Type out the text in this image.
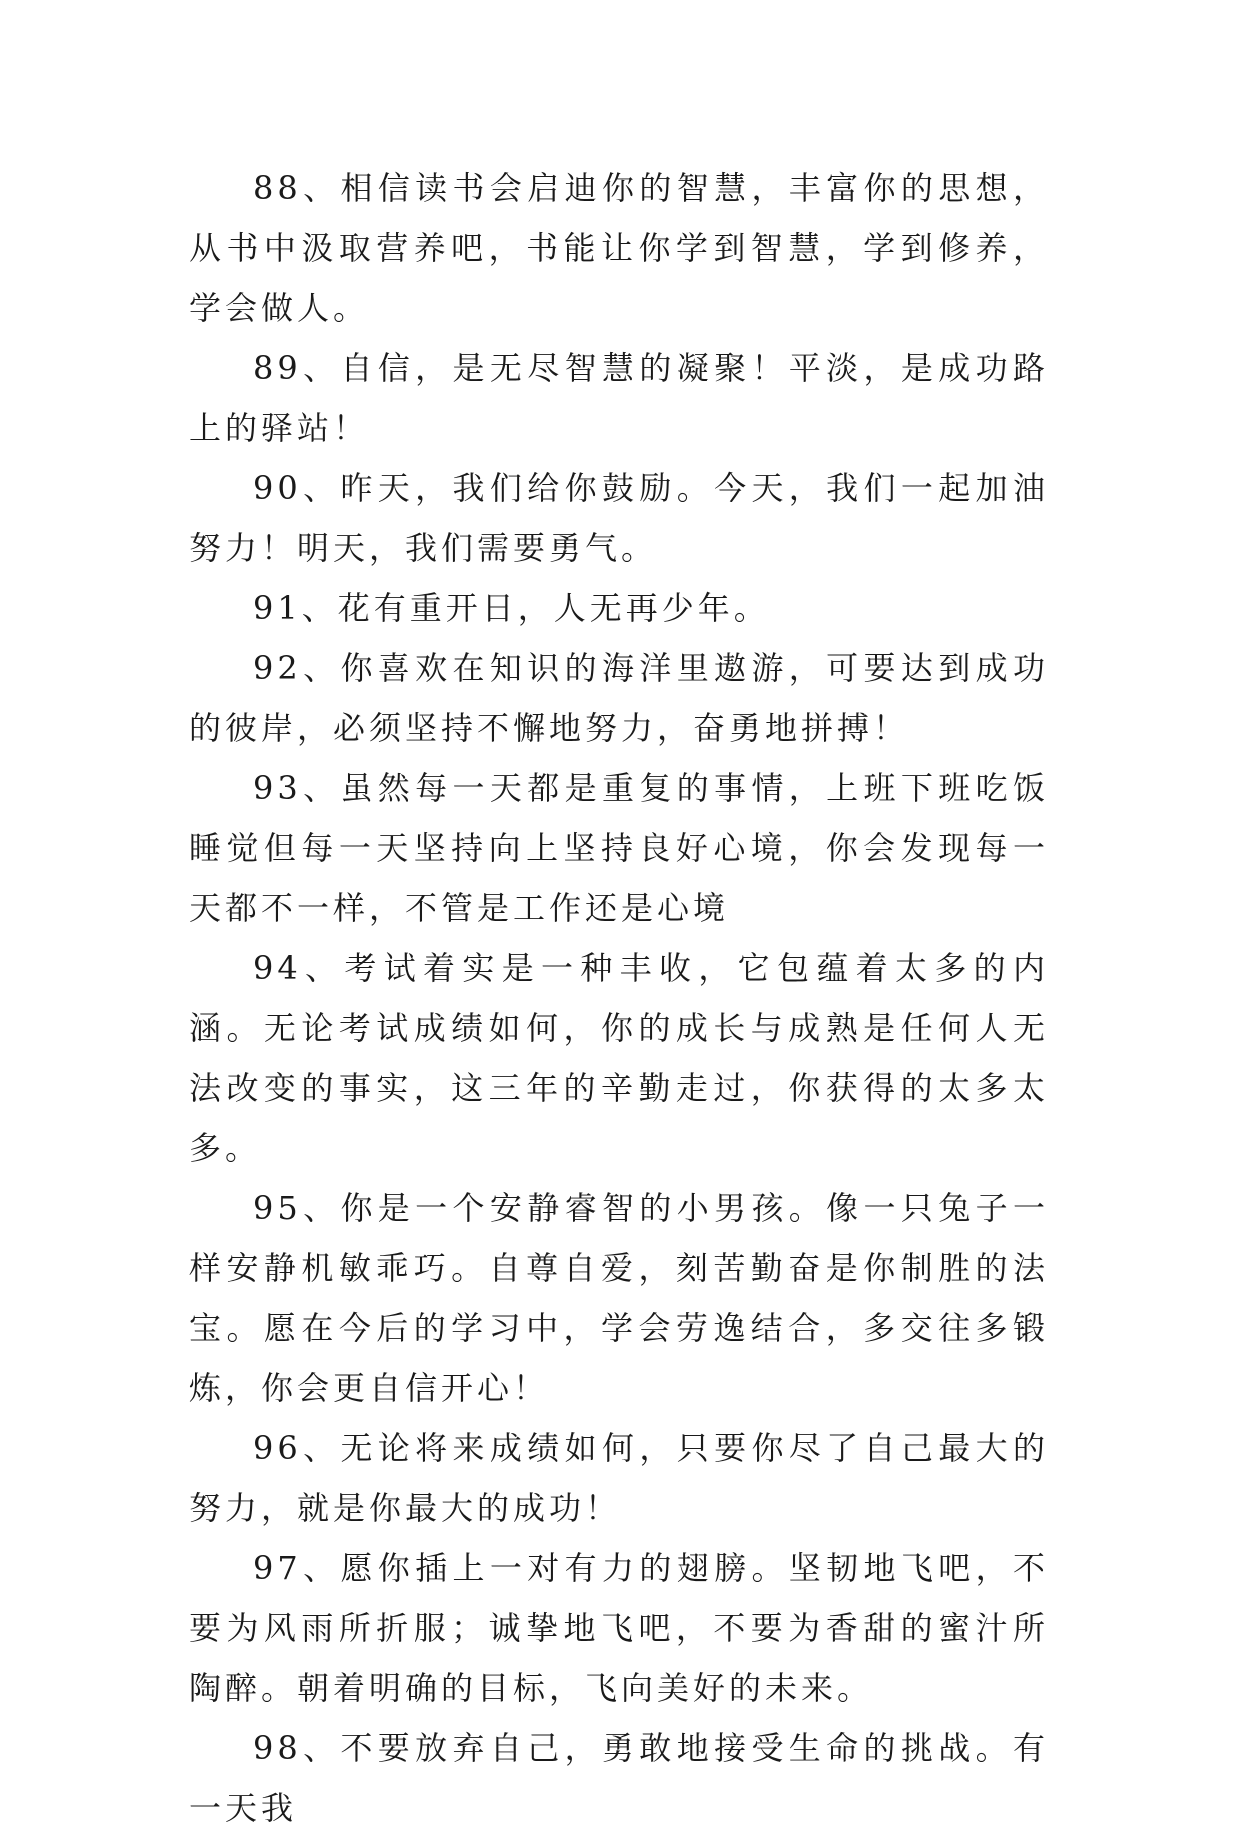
88、相信读书会启迪你的智慧，丰富你的思想，从书中汲取营养吧，书能让你学到智慧，学到修养，学会做人。

89、自信，是无尽智慧的凝聚！平淡，是成功路上的驿站！

90、昨天，我们给你鼓励。今天，我们一起加油努力！明天，我们需要勇气。

91、花有重开日，人无再少年。

92、你喜欢在知识的海洋里遨游，可要达到成功的彼岸，必须坚持不懈地努力，奋勇地拼搏！

93、虽然每一天都是重复的事情，上班下班吃饭睡觉但每一天坚持向上坚持良好心境，你会发现每一天都不一样，不管是工作还是心境

94、考试着实是一种丰收，它包蕴着太多的内涵。无论考试成绩如何，你的成长与成熟是任何人无法改变的事实，这三年的辛勤走过，你获得的太多太多。

95、你是一个安静睿智的小男孩。像一只兔子一样安静机敏乖巧。自尊自爱，刻苦勤奋是你制胜的法宝。愿在今后的学习中，学会劳逸结合，多交往多锻炼，你会更自信开心！

96、无论将来成绩如何，只要你尽了自己最大的努力，就是你最大的成功！

97、愿你插上一对有力的翅膀。坚韧地飞吧，不要为风雨所折服；诚挚地飞吧，不要为香甜的蜜汁所陶醉。朝着明确的目标，飞向美好的未来。

98、不要放弃自己，勇敢地接受生命的挑战。有一天我
